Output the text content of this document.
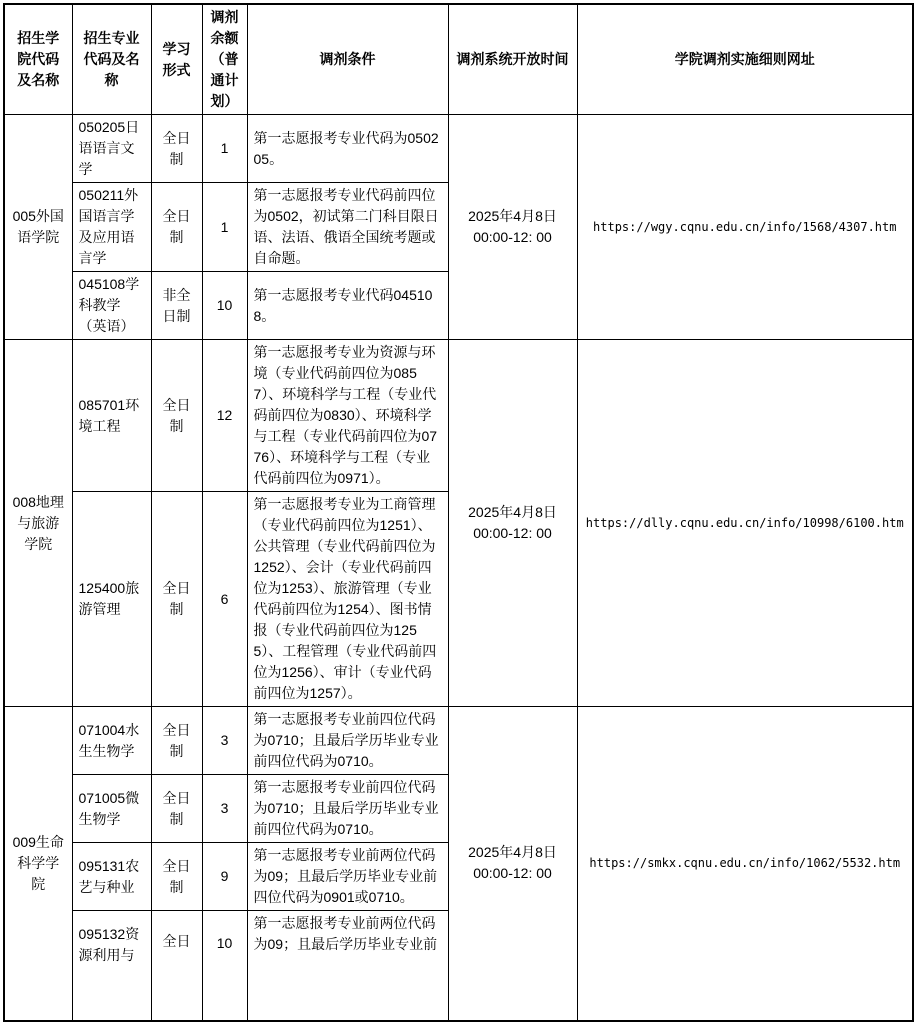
招生学院代码及名称	招生专业代码及名称	学习形式	调剂余额（普通计划）	调剂条件	调剂系统开放时间	学院调剂实施细则网址
005外国语学院	050205日语语言文学	全日制	1	第一志愿报考专业代码为050205。	2025年4月8日
00:00-12: 00	https://wgy.cqnu.edu.cn/info/1568/4307.htm
	050211外国语言学及应用语言学	全日制	1	第一志愿报考专业代码前四位为0502，初试第二门科目限日语、法语、俄语全国统考题或自命题。		
	045108学科教学（英语）	非全日制	10	第一志愿报考专业代码045108。		
008地理与旅游学院	085701环境工程	全日制	12	第一志愿报考专业为资源与环境（专业代码前四位为0857）、环境科学与工程（专业代码前四位为0830）、环境科学与工程（专业代码前四位为0776）、环境科学与工程（专业代码前四位为0971）。	2025年4月8日
00:00-12: 00	https://dlly.cqnu.edu.cn/info/10998/6100.htm
	125400旅游管理	全日制	6	第一志愿报考专业为工商管理（专业代码前四位为1251）、公共管理（专业代码前四位为1252）、会计（专业代码前四位为1253）、旅游管理（专业代码前四位为1254）、图书情报（专业代码前四位为1255）、工程管理（专业代码前四位为1256）、审计（专业代码前四位为1257）。		
009生命科学学院	071004水生生物学	全日制	3	第一志愿报考专业前四位代码为0710；且最后学历毕业专业前四位代码为0710。	2025年4月8日
00:00-12: 00	https://smkx.cqnu.edu.cn/info/1062/5532.htm
	071005微生物学	全日制	3	第一志愿报考专业前四位代码为0710；且最后学历毕业专业前四位代码为0710。		
	095131农艺与种业	全日制	9	第一志愿报考专业前两位代码为09；且最后学历毕业专业前四位代码为0901或0710。		
	095132资源利用与	全日	10	第一志愿报考专业前两位代码为09；且最后学历毕业专业前		
